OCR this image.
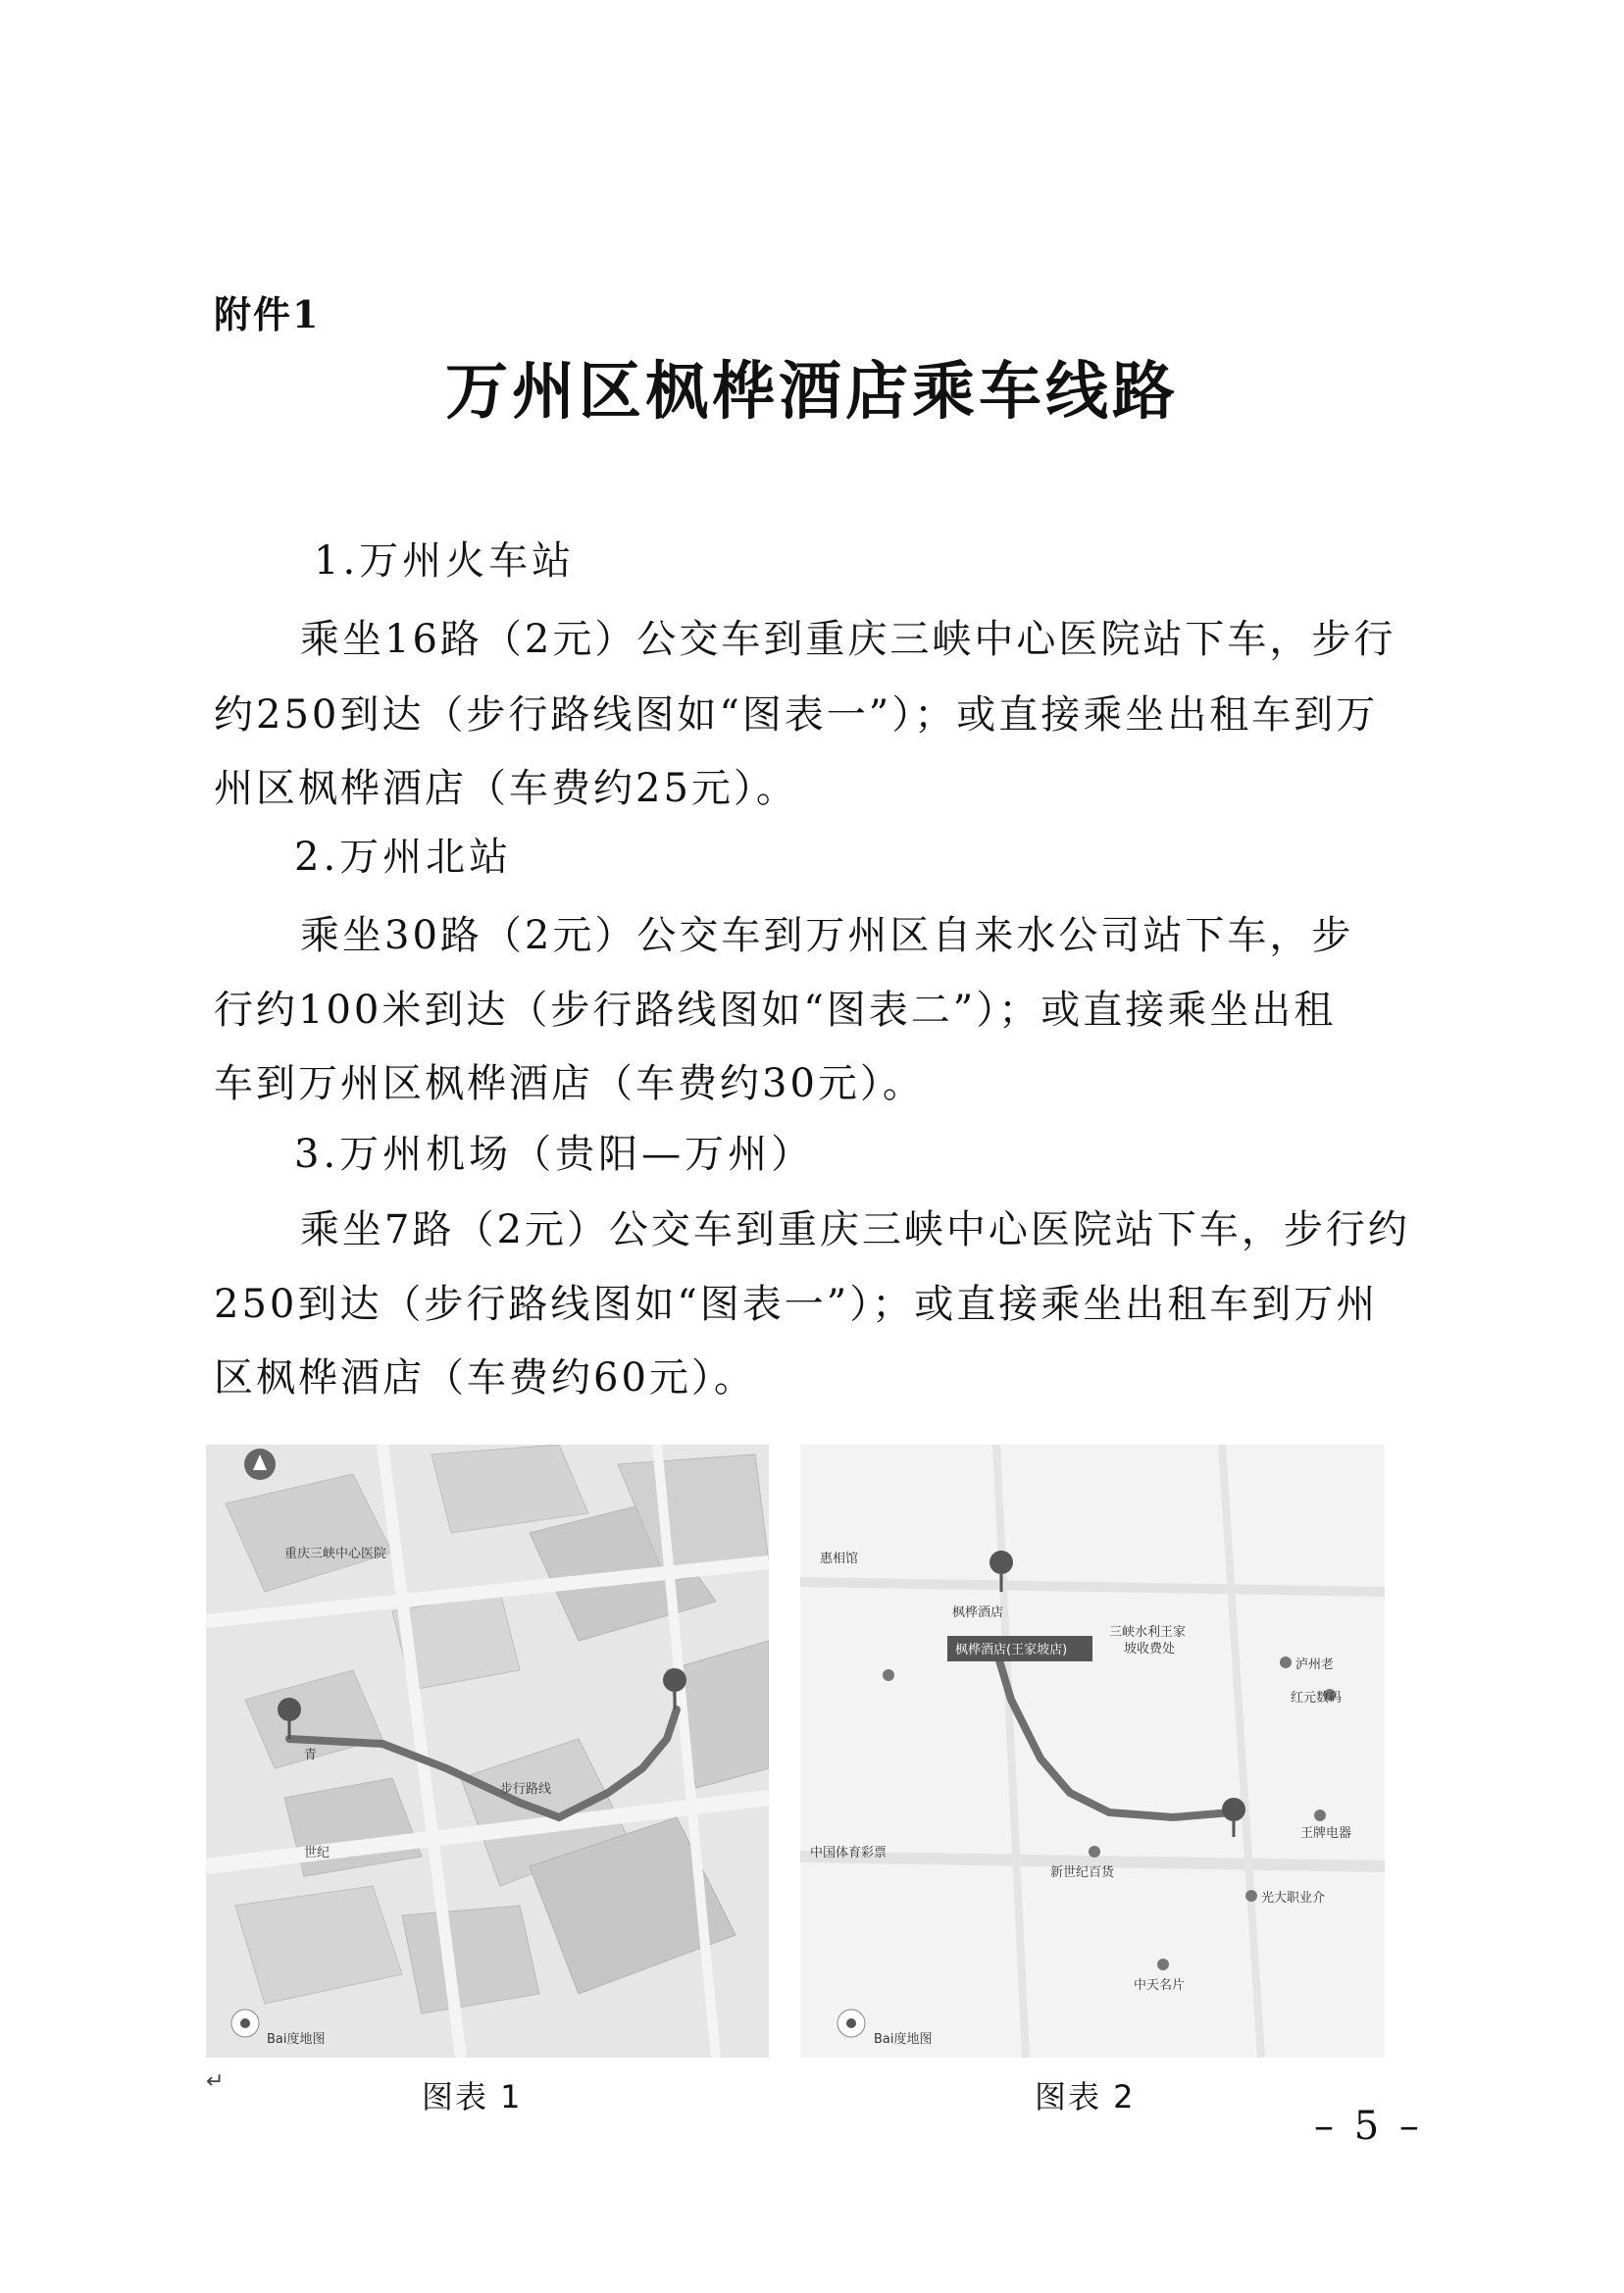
附件1
万州区枫桦酒店乘车线路
1.万州火车站
乘坐16路（2元）公交车到重庆三峡中心医院站下车，步行
约250到达（步行路线图如“图表一”）；或直接乘坐出租车到万
州区枫桦酒店（车费约25元）。
2.万州北站
乘坐30路（2元）公交车到万州区自来水公司站下车，步
行约100米到达（步行路线图如“图表二”）；或直接乘坐出租
车到万州区枫桦酒店（车费约30元）。
3.万州机场（贵阳—万州）
乘坐7路（2元）公交车到重庆三峡中心医院站下车，步行约
250到达（步行路线图如“图表一”）；或直接乘坐出租车到万州
区枫桦酒店（车费约60元）。
重庆三峡中心医院
步行路线
青
世纪
Bai度地图
惠相馆
枫桦酒店
枫桦酒店(王家坡店)
三峡水利王家
坡收费处
泸州老
红元数码
王牌电器
中国体育彩票
新世纪百货
光大职业介
中天名片
Bai度地图
↵	图表 1	图表 2
– 5 –
